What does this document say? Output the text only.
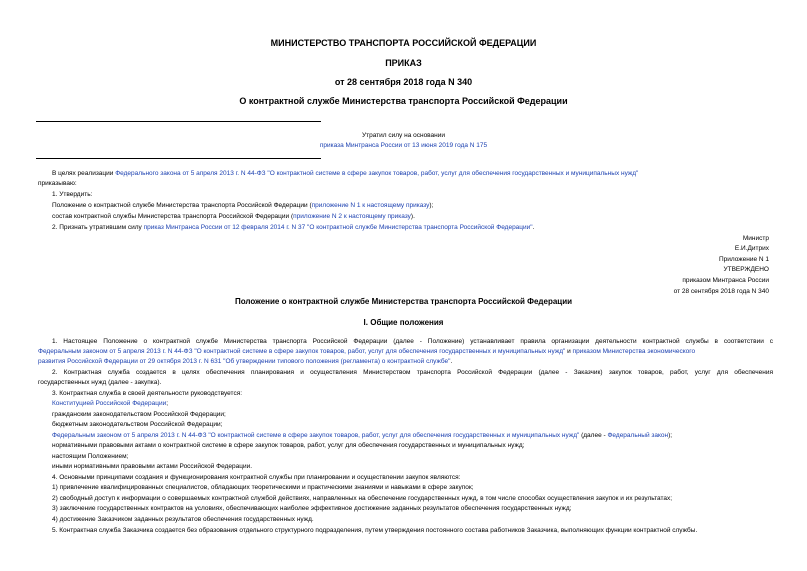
МИНИСТЕРСТВО ТРАНСПОРТА РОССИЙСКОЙ ФЕДЕРАЦИИ
ПРИКАЗ
от 28 сентября 2018 года N 340
О контрактной службе Министерства транспорта Российской Федерации
Утратил силу на основании
приказа Минтранса России от 13 июня 2019 года N 175
В целях реализации Федерального закона от 5 апреля 2013 г. N 44-ФЗ "О контрактной системе в сфере закупок товаров, работ, услуг для обеспечения государственных и муниципальных нужд"
приказываю:
1. Утвердить:
Положение о контрактной службе Министерства транспорта Российской Федерации (приложение N 1 к настоящему приказу);
состав контрактной службы Министерства транспорта Российской Федерации (приложение N 2 к настоящему приказу).
2. Признать утратившим силу приказ Минтранса России от 12 февраля 2014 г. N 37 "О контрактной службе Министерства транспорта Российской Федерации".
Министр
Е.И.Дитрих
Приложение N 1
УТВЕРЖДЕНО
приказом Минтранса России
от 28 сентября 2018 года N 340
Положение о контрактной службе Министерства транспорта Российской Федерации
I. Общие положения
1. Настоящее Положение о контрактной службе Министерства транспорта Российской Федерации (далее - Положение) устанавливает правила организации деятельности контрактной службы в соответствии с
Федеральным законом от 5 апреля 2013 г. N 44-ФЗ "О контрактной системе в сфере закупок товаров, работ, услуг для обеспечения государственных и муниципальных нужд" и приказом Министерства экономического
развития Российской Федерации от 29 октября 2013 г. N 631 "Об утверждении типового положения (регламента) о контрактной службе".
2. Контрактная служба создается в целях обеспечения планирования и осуществления Министерством транспорта Российской Федерации (далее - Заказчик) закупок товаров, работ, услуг для обеспечения
государственных нужд (далее - закупка).
3. Контрактная служба в своей деятельности руководствуется:
Конституцией Российской Федерации;
гражданским законодательством Российской Федерации;
бюджетным законодательством Российской Федерации;
Федеральным законом от 5 апреля 2013 г. N 44-ФЗ "О контрактной системе в сфере закупок товаров, работ, услуг для обеспечения государственных и муниципальных нужд" (далее - Федеральный закон);
нормативными правовыми актами о контрактной системе в сфере закупок товаров, работ, услуг для обеспечения государственных и муниципальных нужд;
настоящим Положением;
иными нормативными правовыми актами Российской Федерации.
4. Основными принципами создания и функционирования контрактной службы при планировании и осуществлении закупок являются:
1) привлечение квалифицированных специалистов, обладающих теоретическими и практическими знаниями и навыками в сфере закупок;
2) свободный доступ к информации о совершаемых контрактной службой действиях, направленных на обеспечение государственных нужд, в том числе способах осуществления закупок и их результатах;
3) заключение государственных контрактов на условиях, обеспечивающих наиболее эффективное достижение заданных результатов обеспечения государственных нужд;
4) достижение Заказчиком заданных результатов обеспечения государственных нужд.
5. Контрактная служба Заказчика создается без образования отдельного структурного подразделения, путем утверждения постоянного состава работников Заказчика, выполняющих функции контрактной службы.
